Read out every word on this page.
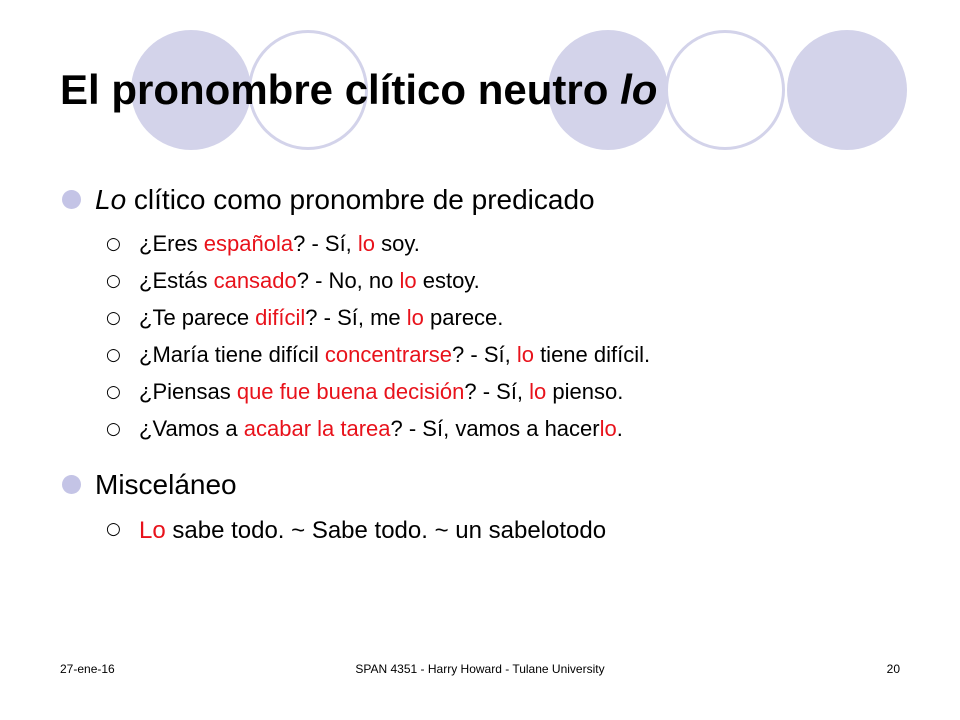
El pronombre clítico neutro lo
Lo clítico como pronombre de predicado
○ ¿Eres española? - Sí, lo soy.
○ ¿Estás cansado? - No, no lo estoy.
○ ¿Te parece difícil? - Sí, me lo parece.
○ ¿María tiene difícil concentrarse? - Sí, lo tiene difícil.
○ ¿Piensas que fue buena decisión? - Sí, lo pienso.
○ ¿Vamos a acabar la tarea? - Sí, vamos a hacerlo.
Misceláneo
○ Lo sabe todo. ~ Sabe todo. ~ un sabelotodo
27-ene-16	SPAN 4351 - Harry Howard - Tulane University	20
